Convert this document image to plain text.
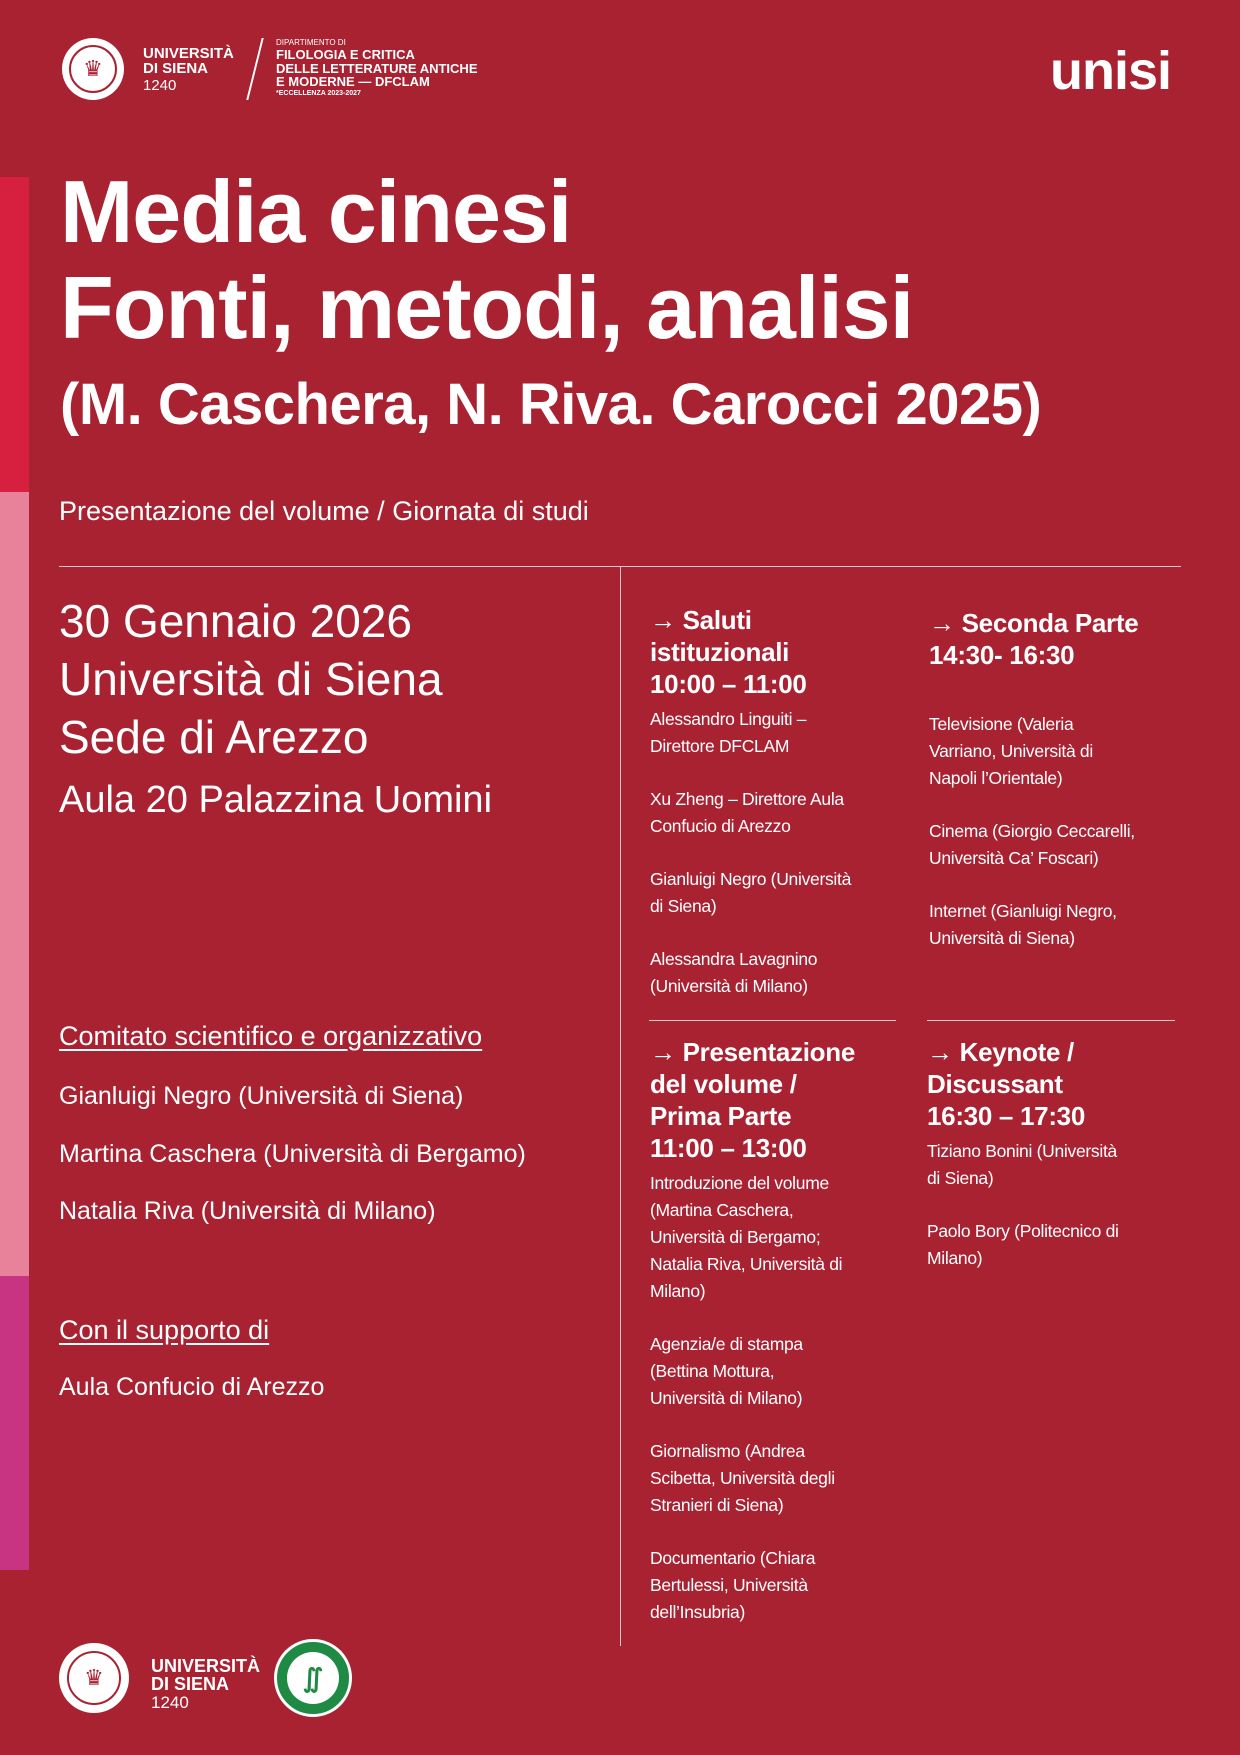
♛
UNIVERSITÀ
DI SIENA
1240
DIPARTIMENTO DI
FILOLOGIA E CRITICA
DELLE LETTERATURE ANTICHE
E MODERNE — DFCLAM
*ECCELLENZA 2023-2027	unisi
Media cinesi
Fonti, metodi, analisi
(M. Caschera, N. Riva. Carocci 2025)
Presentazione del volume / Giornata di studi
30 Gennaio 2026
Università di Siena
Sede di Arezzo
Aula 20 Palazzina Uomini
Comitato scientifico e organizzativo
Gianluigi Negro (Università di Siena)
Martina Caschera (Università di Bergamo)
Natalia Riva (Università di Milano)
Con il supporto di
Aula Confucio di Arezzo
→ Saluti
istituzionali
10:00 – 11:00
Alessandro Linguiti –
Direttore DFCLAM
Xu Zheng – Direttore Aula
Confucio di Arezzo
Gianluigi Negro (Università
di Siena)
Alessandra Lavagnino
(Università di Milano)
→ Seconda Parte
14:30- 16:30
Televisione (Valeria
Varriano, Università di
Napoli l’Orientale)
Cinema (Giorgio Ceccarelli,
Università Ca’ Foscari)
Internet (Gianluigi Negro,
Università di Siena)
→ Presentazione
del volume /
Prima Parte
11:00 – 13:00
Introduzione del volume
(Martina Caschera,
Università di Bergamo;
Natalia Riva, Università di
Milano)
Agenzia/e di stampa
(Bettina Mottura,
Università di Milano)
Giornalismo (Andrea
Scibetta, Università degli
Stranieri di Siena)
Documentario (Chiara
Bertulessi, Università
dell’Insubria)
→ Keynote /
Discussant
16:30 – 17:30
Tiziano Bonini (Università
di Siena)
Paolo Bory (Politecnico di
Milano)
♛	UNIVERSITÀ
DI SIENA
1240
∬
